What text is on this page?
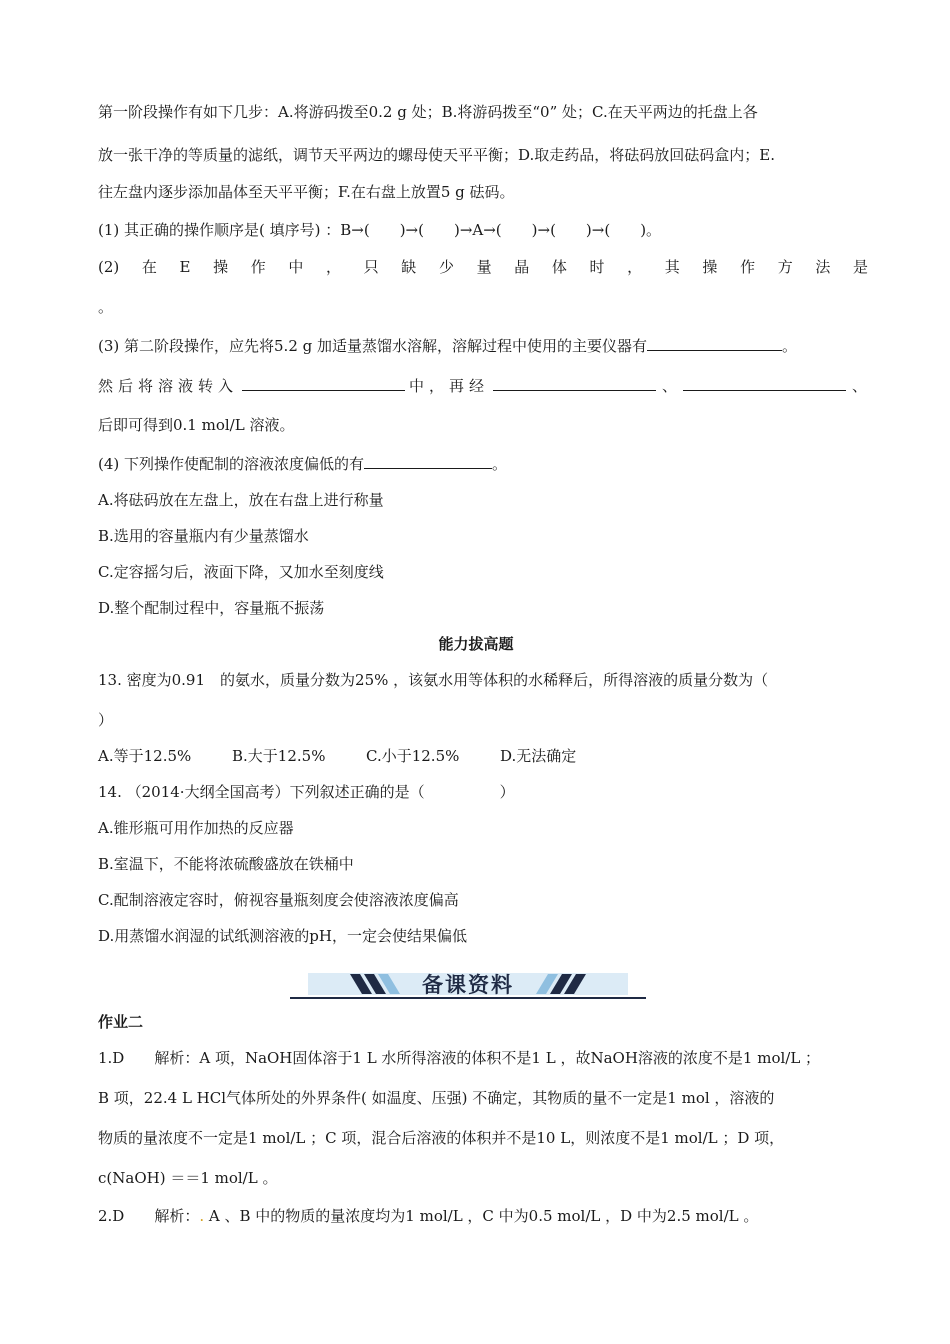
第一阶段操作有如下几步：A.将游码拨至0.2 g 处；B.将游码拨至“0” 处；C.在天平两边的托盘上各
放一张干净的等质量的滤纸，调节天平两边的螺母使天平平衡；D.取走药品，将砝码放回砝码盒内；E.
往左盘内逐步添加晶体至天平平衡；F.在右盘上放置5 g 砝码。
(1) 其正确的操作顺序是( 填序号) ：B→(　　)→(　　)→A→(　　)→(　　)→(　　)。
(2) 在 E 操 作 中 ， 只 缺 少 量 晶 体 时 ， 其 操 作 方 法 是
。
(3) 第二阶段操作，应先将5.2 g 加适量蒸馏水溶解，溶解过程中使用的主要仪器有	。
然后将溶液转入	中，再经	、	、
后即可得到0.1 mol/L 溶液。
(4) 下列操作使配制的溶液浓度偏低的有	。
A.将砝码放在左盘上，放在右盘上进行称量
B.选用的容量瓶内有少量蒸馏水
C.定容摇匀后，液面下降，又加水至刻度线
D.整个配制过程中，容量瓶不振荡
能力拔高题
13. 密度为0.91　的氨水，质量分数为25% ，该氨水用等体积的水稀释后，所得溶液的质量分数为（
）
A.等于12.5%	B.大于12.5%	C.小于12.5%	D.无法确定
14. （2014·大纲全国高考）下列叙述正确的是（　　　　　）
A.锥形瓶可用作加热的反应器
B.室温下，不能将浓硫酸盛放在铁桶中
C.配制溶液定容时，俯视容量瓶刻度会使溶液浓度偏高
D.用蒸馏水润湿的试纸测溶液的pH，一定会使结果偏低
备课资料
作业二
1.D　　解析：A 项，NaOH固体溶于1 L 水所得溶液的体积不是1 L ，故NaOH溶液的浓度不是1 mol/L ；
B 项，22.4 L HCl气体所处的外界条件( 如温度、压强) 不确定，其物质的量不一定是1 mol ，溶液的
物质的量浓度不一定是1 mol/L ；C 项，混合后溶液的体积并不是10 L，则浓度不是1 mol/L ；D 项，
c(NaOH) ＝＝1 mol/L 。
2.D　　解析：. A 、B 中的物质的量浓度均为1 mol/L ，C 中为0.5 mol/L ，D 中为2.5 mol/L 。
